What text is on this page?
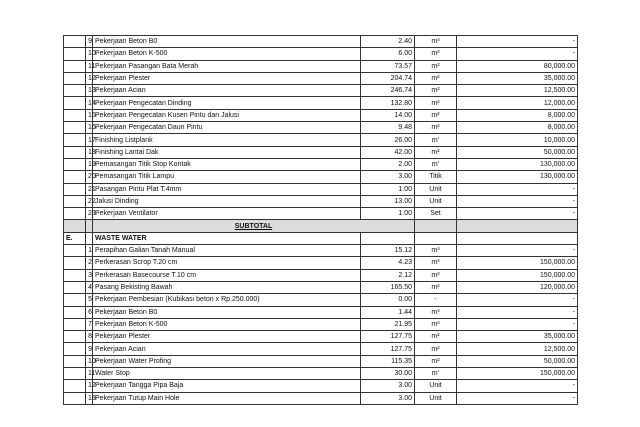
	9	Pekerjaan Beton B0	2.40	m³	-
	10	Pekerjaan Beton K-500	6.00	m³	-
	11	Pekerjaan Pasangan Bata Merah	73.57	m²	80,000.00
	12	Pekerjaan Plester	204.74	m²	35,000.00
	13	Pekerjaan Acian	246.74	m²	12,500.00
	14	Pekerjaan Pengecatan Dinding	132.80	m²	12,000.00
	15	Pekerjaan Pengecatan Kusen Pintu dan Jalusi	14.00	m²	8,000.00
	16	Pekerjaan Pengecatan Daun Pintu	9.48	m²	8,000.00
	17	Finishing Listplank	26.00	m'	10,000.00
	18	Finishing Lantai Dak	42.00	m²	50,000.00
	19	Pemasangan Titik Stop Kontak	2.00	m'	130,000.00
	20	Pemasangan Titik Lampu	3.00	Titik	130,000.00
	21	Pasangan Pintu Plat T.4mm	1.00	Unit	-
	22	Jalusi Dinding	13.00	Unit	-
	23	Pekerjaan Ventilator	1.00	Set	-
		SUBTOTAL			
E.		WASTE WATER			
	1	Perapihan Galian Tanah Manual	15.12	m³	-
	2	Perkerasan Scrop T.20 cm	4.23	m³	150,000.00
	3	Perkerasan Basecourse T.10 cm	2.12	m³	150,000.00
	4	Pasang Bekisting Bawah	165.50	m²	120,000.00
	5	Pekerjaan Pembesian (Kubikasi beton x Rp.250.000)	0.00	-	-
	6	Pekerjaan Beton B0	1.44	m³	-
	7	Pekerjaan Beton K-500	21.95	m³	-
	8	Pekerjaan Plester	127.75	m²	35,000.00
	9	Pekerjaan Acian	127.75	m²	12,500.00
	10	Pekerjaan Water Profing	115.35	m²	50,000.00
	11	Water Stop	30.00	m'	150,000.00
	12	Pekerjaan Tangga Pipa Baja	3.00	Unit	-
	13	Pekerjaan Tutup Main Hole	3.00	Unit	-
